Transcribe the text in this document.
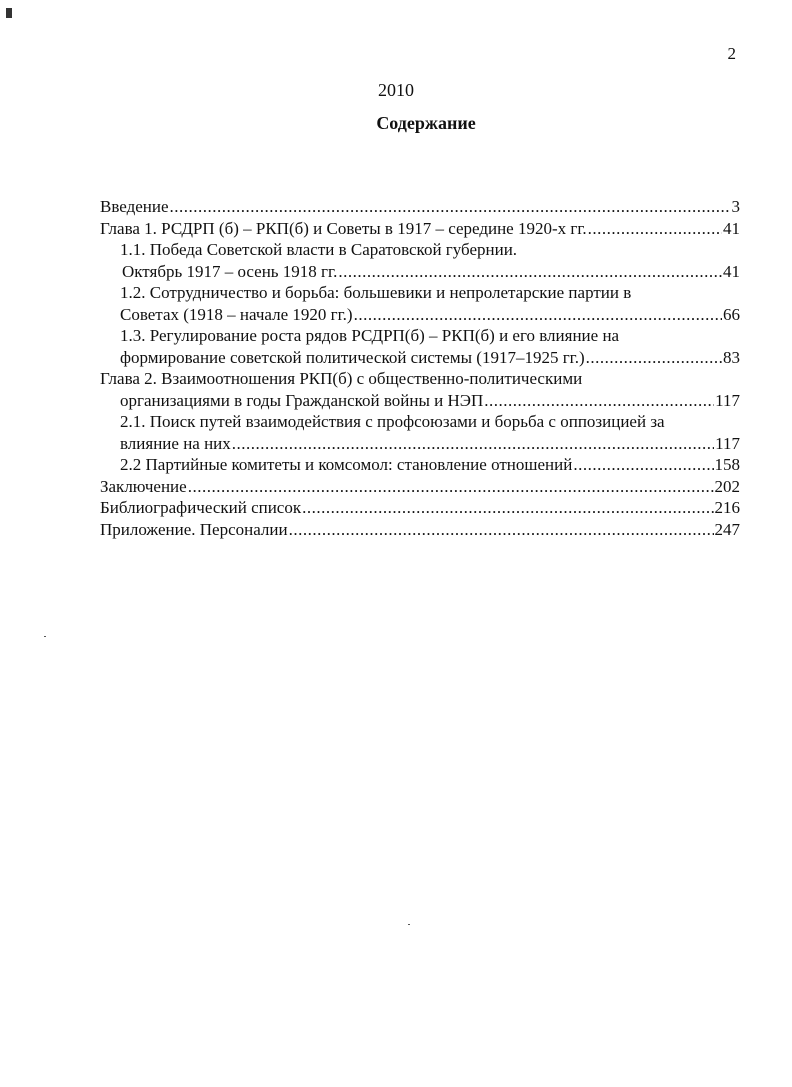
2
2010
Содержание
Введение .....	3
Глава 1. РСДРП (б) – РКП(б) и Советы в 1917 – середине 1920-х гг. .....	41
1.1. Победа Советской власти в Саратовской губернии.
Октябрь 1917 – осень 1918 гг. .....	41
1.2. Сотрудничество и борьба: большевики и непролетарские партии в
Советах (1918 – начале 1920 гг.) .....	66
1.3. Регулирование роста рядов РСДРП(б) – РКП(б) и его влияние на
формирование советской политической системы (1917–1925 гг.) .....	83
Глава 2. Взаимоотношения РКП(б) с общественно-политическими
организациями в годы Гражданской войны и НЭП .....	117
2.1. Поиск путей взаимодействия с профсоюзами и борьба с оппозицией за
влияние на них .....	117
2.2 Партийные комитеты и комсомол: становление отношений .....	158
Заключение .....	202
Библиографический список .....	216
Приложение. Персоналии .....	247
